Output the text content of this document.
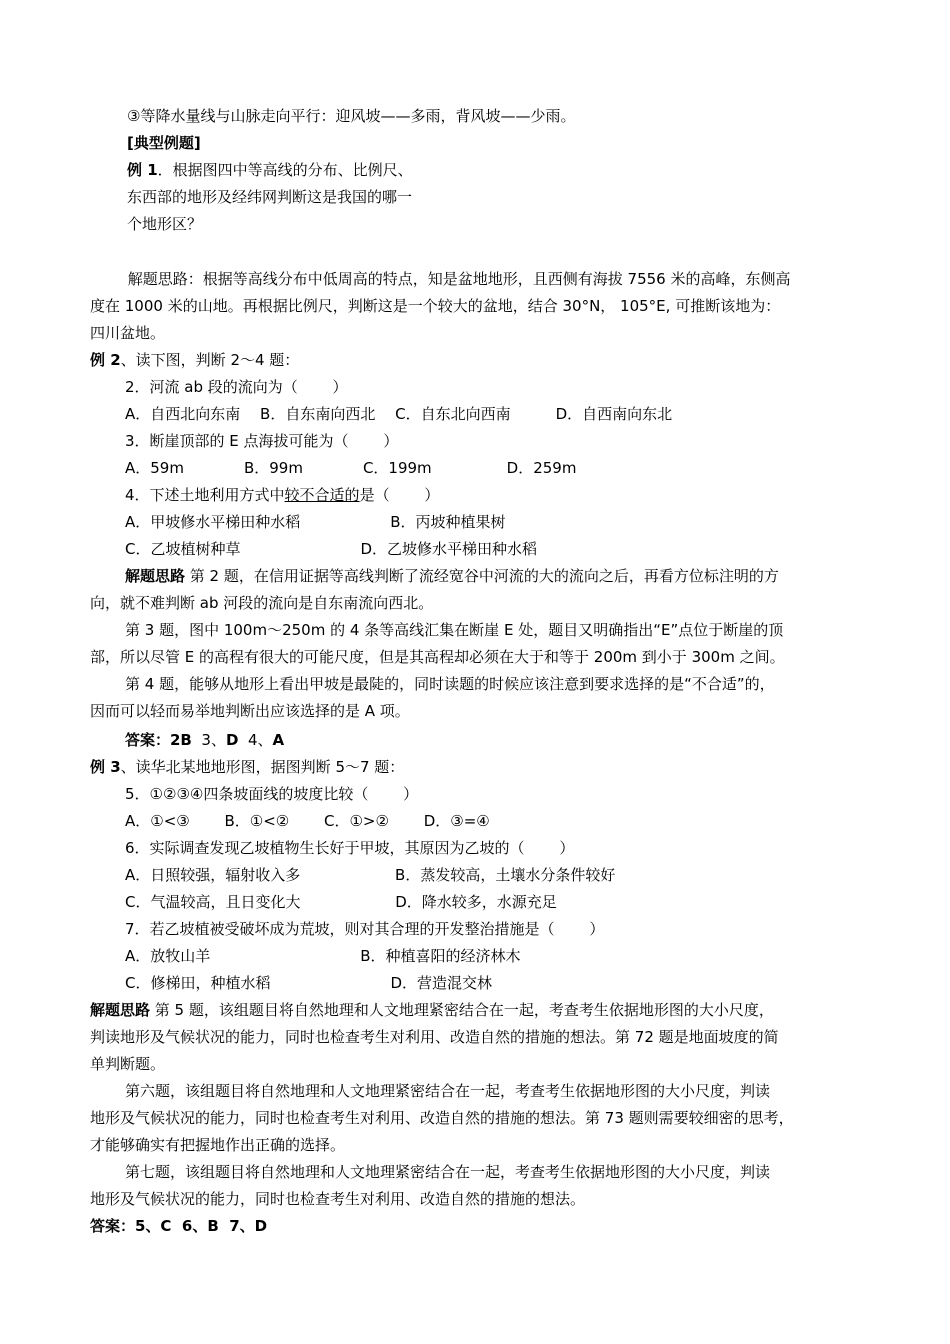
③等降水量线与山脉走向平行：迎风坡——多雨，背风坡——少雨。
[典型例题]
例 1．根据图四中等高线的分布、比例尺、
东西部的地形及经纬网判断这是我国的哪一
个地形区？
解题思路：根据等高线分布中低周高的特点，知是盆地地形，且西侧有海拔 7556 米的高峰，东侧高
度在 1000 米的山地。再根据比例尺，判断这是一个较大的盆地，结合 30°N， 105°E, 可推断该地为：
四川盆地。
例 2、读下图，判断 2～4 题：
2．河流 ab 段的流向为（　　 ）
A．自西北向东南 　B．自东南向西北 　C．自东北向西南　　　D．自西南向东北
3．断崖顶部的 E 点海拔可能为（　　 ）
A．59m　　　　B．99m　　　　C．199m　　　　　D．259m
4．下述土地利用方式中较不合适的是（　　 ）
A．甲坡修水平梯田种水稻　　　　　　B．丙坡种植果树
C．乙坡植树种草　　　　　　　　D．乙坡修水平梯田种水稻
解题思路 第 2 题，在信用证据等高线判断了流经宽谷中河流的大的流向之后，再看方位标注明的方
向，就不难判断 ab 河段的流向是自东南流向西北。
第 3 题，图中 100m～250m 的 4 条等高线汇集在断崖 E 处，题目又明确指出“E”点位于断崖的顶
部，所以尽管 E 的高程有很大的可能尺度，但是其高程却必须在大于和等于 200m 到小于 300m 之间。
第 4 题，能够从地形上看出甲坡是最陡的，同时读题的时候应该注意到要求选择的是“不合适”的，
因而可以轻而易举地判断出应该选择的是 A 项。
答案：2B  3、D  4、A
例 3、读华北某地地形图，据图判断 5～7 题：
5．①②③④四条坡面线的坡度比较（　　 ）
A．①<③　　 B．①<②　　 C．①>②　　 D．③=④
6．实际调查发现乙坡植物生长好于甲坡，其原因为乙坡的（　　 ）
A．日照较强，辐射收入多　　　　　　 B．蒸发较高，土壤水分条件较好
C．气温较高，且日变化大　　　　　　 D．降水较多，水源充足
7．若乙坡植被受破坏成为荒坡，则对其合理的开发整治措施是（　　 ）
A．放牧山羊　　　　　　　　　　B．种植喜阳的经济林木
C．修梯田，种植水稻　　　　　　　　D．营造混交林
解题思路 第 5 题，该组题目将自然地理和人文地理紧密结合在一起，考查考生依据地形图的大小尺度，
判读地形及气候状况的能力，同时也检查考生对利用、改造自然的措施的想法。第 72 题是地面坡度的简
单判断题。
第六题，该组题目将自然地理和人文地理紧密结合在一起，考查考生依据地形图的大小尺度，判读
地形及气候状况的能力，同时也检查考生对利用、改造自然的措施的想法。第 73 题则需要较细密的思考，
才能够确实有把握地作出正确的选择。
第七题，该组题目将自然地理和人文地理紧密结合在一起，考查考生依据地形图的大小尺度，判读
地形及气候状况的能力，同时也检查考生对利用、改造自然的措施的想法。
答案：5、C  6、B  7、D
